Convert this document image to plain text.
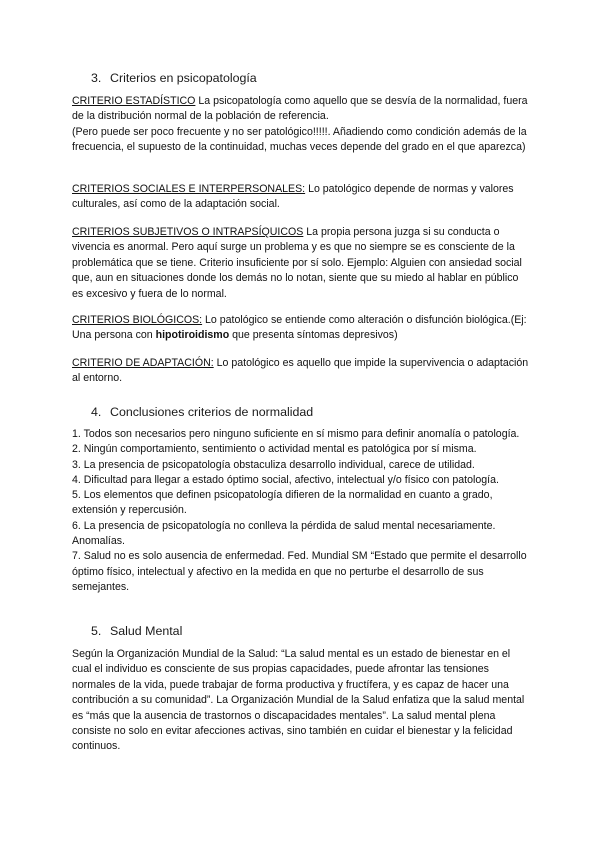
3. Criterios en psicopatología

CRITERIO ESTADÍSTICO La psicopatología como aquello que se desvía de la normalidad, fuera de la distribución normal de la población de referencia.

(Pero puede ser poco frecuente y no ser patológico!!!!!. Añadiendo como condición además de la frecuencia, el supuesto de la continuidad, muchas veces depende del grado en el que aparezca)

CRITERIOS SOCIALES E INTERPERSONALES: Lo patológico depende de normas y valores culturales, así como de la adaptación social.

CRITERIOS SUBJETIVOS O INTRAPSÍQUICOS La propia persona juzga si su conducta o vivencia es anormal. Pero aquí surge un problema y es que no siempre se es consciente de la problemática que se tiene. Criterio insuficiente por sí solo. Ejemplo: Alguien con ansiedad social que, aun en situaciones donde los demás no lo notan, siente que su miedo al hablar en público es excesivo y fuera de lo normal.

CRITERIOS BIOLÓGICOS: Lo patológico se entiende como alteración o disfunción biológica.(Ej: Una persona con hipotiroidismo que presenta síntomas depresivos)

CRITERIO DE ADAPTACIÓN: Lo patológico es aquello que impide la supervivencia o adaptación al entorno.

4. Conclusiones criterios de normalidad
1. Todos son necesarios pero ninguno suficiente en sí mismo para definir anomalía o patología.
2. Ningún comportamiento, sentimiento o actividad mental es patológica por sí misma.
3. La presencia de psicopatología obstaculiza desarrollo individual, carece de utilidad.
4. Dificultad para llegar a estado óptimo social, afectivo, intelectual y/o físico con patología.
5. Los elementos que definen psicopatología difieren de la normalidad en cuanto a grado, extensión y repercusión.
6. La presencia de psicopatología no conlleva la pérdida de salud mental necesariamente. Anomalías.
7. Salud no es solo ausencia de enfermedad. Fed. Mundial SM “Estado que permite el desarrollo óptimo físico, intelectual y afectivo en la medida en que no perturbe el desarrollo de sus semejantes.
5. Salud Mental

Según la Organización Mundial de la Salud: “La salud mental es un estado de bienestar en el cual el individuo es consciente de sus propias capacidades, puede afrontar las tensiones normales de la vida, puede trabajar de forma productiva y fructífera, y es capaz de hacer una contribución a su comunidad”. La Organización Mundial de la Salud enfatiza que la salud mental es “más que la ausencia de trastornos o discapacidades mentales”. La salud mental plena consiste no solo en evitar afecciones activas, sino también en cuidar el bienestar y la felicidad continuos.
